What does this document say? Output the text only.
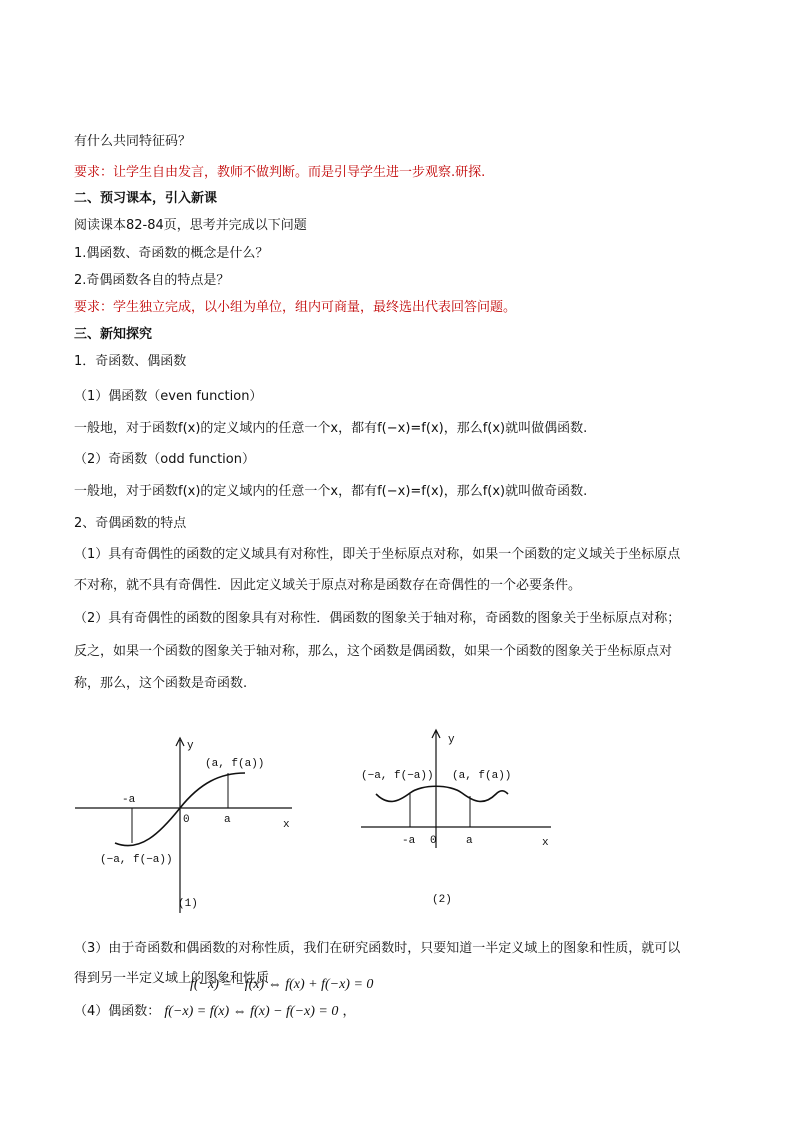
有什么共同特征码？
要求：让学生自由发言，教师不做判断。而是引导学生进一步观察.研探.
二、预习课本，引入新课
阅读课本82-84页，思考并完成以下问题
1.偶函数、奇函数的概念是什么？
2.奇偶函数各自的特点是？
要求：学生独立完成，以小组为单位，组内可商量，最终选出代表回答问题。
三、新知探究
1．奇函数、偶函数
（1）偶函数（even function）
一般地，对于函数f(x)的定义域内的任意一个x，都有f(−x)=f(x)，那么f(x)就叫做偶函数.
（2）奇函数（odd function）
一般地，对于函数f(x)的定义域内的任意一个x，都有f(−x)=f(x)，那么f(x)就叫做奇函数.
2、奇偶函数的特点
（1）具有奇偶性的函数的定义域具有对称性，即关于坐标原点对称，如果一个函数的定义域关于坐标原点
不对称，就不具有奇偶性．因此定义域关于原点对称是函数存在奇偶性的一个必要条件。
（2）具有奇偶性的函数的图象具有对称性．偶函数的图象关于轴对称，奇函数的图象关于坐标原点对称；
反之，如果一个函数的图象关于轴对称，那么，这个函数是偶函数，如果一个函数的图象关于坐标原点对
称，那么，这个函数是奇函数.
y
x
0
-a
a
(a, f(a))
(−a, f(−a))
(1)
y
x
0
-a	a
(−a, f(−a)) (a, f(a))
(2)
（3）由于奇函数和偶函数的对称性质，我们在研究函数时，只要知道一半定义域上的图象和性质，就可以
得到另一半定义域上的图象和性质
f(−x) = −f(x) ⇔ f(x) + f(−x) = 0
（4）偶函数： f(−x) = f(x) ⇔ f(x) − f(−x) = 0 ，
